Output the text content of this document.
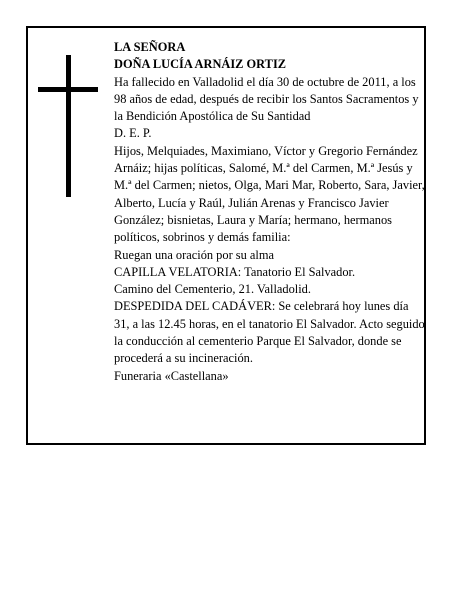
LA SEÑORA

DOÑA LUCÍA ARNÁIZ ORTIZ

Ha fallecido en Valladolid el día 30 de octubre de 2011, a los 98 años de edad, después de recibir los Santos Sacramentos y la Bendición Apostólica de Su Santidad

D. E. P.

Hijos, Melquiades, Maximiano, Víctor y Gregorio Fernández Arnáiz; hijas políticas, Salomé, M.ª del Carmen, M.ª Jesús y M.ª del Carmen; nietos, Olga, Mari Mar, Roberto, Sara, Javier, Alberto, Lucía y Raúl, Julián Arenas y Francisco Javier González; bisnietas, Laura y María; hermano, hermanos políticos, sobrinos y demás familia:

Ruegan una oración por su alma

CAPILLA VELATORIA: Tanatorio El Salvador.

Camino del Cementerio, 21. Valladolid.

DESPEDIDA DEL CADÁVER: Se celebrará hoy lunes día 31, a las 12.45 horas, en el tanatorio El Salvador. Acto seguido la conducción al cementerio Parque El Salvador, donde se procederá a su incineración.

Funeraria «Castellana»
